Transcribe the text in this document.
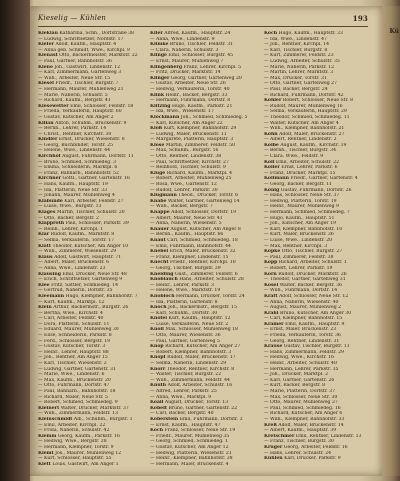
Kieselig — Kühlen	193
Kieklau Katharina, Schn., Dorfstraße 38
— Ludwig, Schriftsetzer, Nordstr. 17
Kiefer Adolf, Kaufm., Hauptstr. 4
— Anna geb. Schmidt, Wwe., Kirchpl. 9
Kienast Otto, Bäckermeister, Marktstr. 22
— Paul, Gärtner, Bahnhofstr. 36
Kiene Joh., Gastwirt, Lindenstr. 12
— Karl, Zimmermann, Gartenweg 3
— Wilh., Arbeiter, Neue Str. 15
Kiesel Friedr., Tischler, Burgstr. 7
— Hermann, Maurer, Mühlenweg 21
— Marie, Näherin, Schulstr. 5
— Richard, Kaufm., Bergstr. 41
Kiesewetter Emil, Schlosser, Feldstr. 18
— Frieda, Verkäuferin, Hauptstr. 60
— Gustav, Kutscher, Am Anger 2
Kilian Anton, Schuhm., Brückenstr. 9
— Bernh., Lehrer, Parkstr. 14
— Christ., Rentner, Kirchstr. 30
Kindler Ernst, Drucker, Wiesenstr. 8
— Georg, Buchbinder, Torstr. 25
— Helene, Wwe., Lindenstr. 44
Kirchhof August, Fuhrmann, Dorfstr. 11
— Bruno, Schmied, Schmiedeg. 3
— Emma, Schneiderin, Marktpl. 6
— Franz, Bahnarb., Bahnhofstr. 52
Kirchner Gottl., Gärtner, Gartenstr. 16
— Hans, Kaufm., Hauptstr. 19
— Ida, Plätterin, Neue Str. 33
— Johann, Maurer, Mühlenweg 4
Klabunde Karl, Arbeiter, Feldstr. 27
— Luise, Wwe., Burgstr. 13
Klages Martin, Tischler, Schulstr. 20
— Otto, Bäcker, Bergstr. 2
Klapproth Paul, Schlosser, Parkstr. 39
— Reinh., Lehrer, Kirchpl. 1
Klar Rudolf, Kaufm., Marktstr. 8
— Selma, Verkäuferin, Torstr. 17
Klatt Theodor, Kutscher, Am Anger 10
— Wilh., Zimmerer, Wiesenstr. 29
Klaus Adolf, Gastwirt, Hauptstr. 71
— Albert, Maler, Brückenstr. 6
— Anna, Wwe., Lindenstr. 23
Klausing Emil, Drucker, Neue Str. 48
— Erich, Schriftsetzer, Gartenweg 9
Klee Fritz, Sattler, Schmiedeg. 14
— Gertrud, Näherin, Dorfstr. 35
Kleemann Hugo, Klempner, Bahnhofstr. 7
— Kurt, Kaufm., Marktpl. 12
Klein Arthur, Bäckermstr., Burgstr. 26
— Bertha, Wwe., Kirchstr. 4
— Carl, Arbeiter, Feldstr. 40
— Dora, Plätterin, Schulstr. 11
— Eduard, Maurer, Mühlenweg 30
— Elise, Schneiderin, Parkstr. 8
— Ferd., Schlosser, Bergstr. 19
— Gustav, Kutscher, Torstr. 3
— Heinr., Lehrer, Hauptstr. 88
— Joh., Rentner, Am Anger 15
— Karl, Tischler, Wiesenstr. 2
— Ludwig, Gärtner, Gartenstr. 31
— Marie, Wwe., Lindenstr. 6
— Max, Kaufm., Brückenstr. 20
— Otto, Fuhrmann, Dorfstr. 47
— Paul, Bahnarb., Bahnhofstr. 18
— Richard, Maler, Neue Str. 5
— Robert, Schmied, Schmiedeg. 9
Kleinert Walter, Drucker, Marktstr. 37
— Wilh., Zimmermann, Feldstr. 13
Kleinschmidt Alb., Schuhm., Burgstr. 1
— Emil, Arbeiter, Kirchpl. 22
— Frida, Näherin, Schulstr. 42
Klemm Georg, Kaufm., Parkstr. 16
— Hedwig, Wwe., Bergstr. 28
— Hermann, Klempner, Torstr. 9
Klemt Jos., Maurer, Mühlenweg 12
— Kurt, Schlosser, Hauptstr. 55
Klett Louis, Gastwirt, Am Anger 1
Klier Alfred, Kaufm., Hauptstr. 24
— Anna, Wwe., Lindenstr. 9
Klimke Bruno, Tischler, Feldstr. 31
— Clara, Näherin, Schulstr. 3
Klinge Emil, Schlosser, Burgstr. 45
— Ernst, Maurer, Mühlenweg 7
Klingenberg Franz, Lehrer, Kirchpl. 5
— Fritz, Drucker, Marktstr. 14
Klinger Georg, Gärtner, Gartenweg 20
— Gustav, Arbeiter, Neue Str. 26
— Hedwig, Verkäuferin, Torstr. 40
Klink Heinr., Bäcker, Bergstr. 33
— Hermann, Fuhrmann, Dorfstr. 8
Klitzing Hugo, Kaufm., Parkstr. 21
— Ida, Wwe., Wiesenstr. 17
Klockmann Joh., Schmied, Schmiedeg. 5
— Karl, Kutscher, Am Anger 22
Kloß Kurt, Klempner, Bahnhofstr. 29
— Ludwig, Maler, Brückenstr. 11
— Margarete, Plätterin, Hauptstr. 3
Klose Martin, Zimmerer, Feldstr. 50
— Max, Schuhm., Burgstr. 16
— Otto, Rentner, Lindenstr. 38
— Paul, Schriftsetzer, Kirchstr. 27
— Reinhold, Tischler, Schulstr. 9
Kluge Richard, Kaufm., Marktpl. 4
— Robert, Arbeiter, Mühlenweg 25
— Rosa, Wwe., Gartenstr. 12
— Rudolf, Lehrer, Parkstr. 30
Klugmann Theod., Drucker, Torstr. 6
Knabe Walter, Gärtner, Gartenweg 14
— Wilh., Bäcker, Bergstr. 7
Knappe Adolf, Schlosser, Dorfstr. 19
— Albert, Maurer, Neue Str. 41
— Anna, Näherin, Wiesenstr. 5
Knauer August, Kutscher, Am Anger 8
— Bernh., Kaufm., Hauptstr. 66
Knaut Carl, Schmied, Schmiedeg. 18
— Emil, Fuhrmann, Bahnhofstr. 44
Knebel Erich, Maler, Brückenstr. 32
— Franz, Klempner, Lindenstr. 15
Knecht Friedr., Rentner, Kirchpl. 10
— Georg, Tischler, Burgstr. 39
Kneiding Gust., Zimmerer, Feldstr. 6
Knoblauch Hans, Arbeiter, Schulstr. 28
— Heinr., Lehrer, Parkstr. 3
— Helene, Wwe., Marktstr. 19
Knobloch Hermann, Drucker, Torstr. 24
— Ida, Plätterin, Gartenstr. 8
Knoch Joh., Bäckermstr., Bergstr. 15
— Karl, Schuhm., Dorfstr. 30
Knöfel Kurt, Kaufm., Hauptstr. 12
— Luise, Verkäuferin, Neue Str. 2
Knoll Max, Schlosser, Mühlenweg 18
— Otto, Maurer, Wiesenstr. 36
— Paul, Gärtner, Gartenweg 5
Knop Richard, Kutscher, Am Anger 27
— Robert, Klempner, Bahnhofstr. 3
Knopf Rudolf, Maler, Brückenstr. 17
— Selma, Näherin, Lindenstr. 29
Knorr Theodor, Rentner, Kirchstr. 8
— Walter, Tischler, Burgstr. 22
— Wilh., Zimmermann, Feldstr. 44
Knuth Adolf, Arbeiter, Schulstr. 16
— Alfred, Lehrer, Parkstr. 25
— Anna, Wwe., Marktpl. 9
Koall August, Drucker, Torstr. 13
Kobelt Bruno, Gärtner, Gartenstr. 22
— Carl, Bäcker, Bergstr. 40
Koberstein Emil, Fuhrmann, Dorfstr. 3
— Ernst, Kaufm., Hauptstr. 47
Koch Franz, Schlosser, Neue Str. 19
— Friedr., Maurer, Mühlenweg 35
— Georg, Schmied, Schmiedeg. 1
— Gustav, Kutscher, Am Anger 12
— Hedwig, Plätterin, Wiesenstr. 21
— Heinr., Klempner, Bahnhofstr. 38
— Hermann, Maler, Brückenstr. 4
Koch Hugo, Kaufm., Hauptstr. 33
— Ida, Wwe., Lindenstr. 47
— Joh., Rentner, Kirchpl. 14
— Karl, Tischler, Burgstr. 8
— Kurt, Zimmerer, Feldstr. 23
— Ludwig, Arbeiter, Schulstr. 35
— Marie, Näherin, Parkstr. 12
— Martin, Lehrer, Marktstr. 3
— Max, Drucker, Torstr. 31
— Otto, Gärtner, Gartenweg 27
— Paul, Bäcker, Bergstr. 24
— Richard, Fuhrmann, Dorfstr. 42
Köhler Robert, Schlosser, Neue Str. 8
— Rudolf, Maurer, Mühlenweg 16
— Selma, Verkäuferin, Hauptstr. 29
— Theodor, Schmied, Schmiedeg. 11
— Walter, Kutscher, Am Anger 4
— Wilh., Klempner, Bahnhofstr. 21
Köhn Adolf, Maler, Brückenstr. 27
— Albert, Rentner, Lindenstr. 2
Kolbe August, Kaufm., Kirchstr. 19
— Bernh., Tischler, Burgstr. 34
— Clara, Wwe., Feldstr. 9
Koll Emil, Arbeiter, Schulstr. 22
Koller Ernst, Lehrer, Parkstr. 6
— Franz, Drucker, Marktpl. 15
Kollmann Friedr., Gärtner, Gartenstr. 4
— Georg, Bäcker, Bergstr. 11
König Gustav, Fuhrmann, Dorfstr. 26
— Hans, Schlosser, Neue Str. 37
— Hedwig, Plätterin, Torstr. 19
— Heinr., Maurer, Mühlenweg 9
— Hermann, Schmied, Schmiedeg. 7
— Hugo, Kaufm., Hauptstr. 51
— Joh., Kutscher, Am Anger 19
— Karl, Klempner, Bahnhofstr. 10
— Kurt, Maler, Brückenstr. 36
— Luise, Wwe., Lindenstr. 20
— Max, Rentner, Kirchpl. 3
Köpke Otto, Tischler, Burgstr. 27
— Paul, Zimmerer, Feldstr. 38
Kopp Richard, Arbeiter, Schulstr. 1
— Robert, Lehrer, Parkstr. 19
Korn Rudolf, Drucker, Marktstr. 26
— Theodor, Gärtner, Gartenweg 31
Kosel Walter, Bäcker, Bergstr. 36
— Wilh., Fuhrmann, Dorfstr. 14
Kraft Adolf, Schlosser, Neue Str. 12
— Anna, Näherin, Wiesenstr. 40
— August, Maurer, Mühlenweg 2
Krahl Bruno, Kutscher, Am Anger 30
— Carl, Klempner, Bahnhofstr. 15
Kramer Emil, Kaufm., Hauptstr. 9
— Ernst, Maler, Brückenstr. 23
— Frieda, Verkäuferin, Torstr. 36
— Georg, Rentner, Lindenstr. 31
Krause Gustav, Tischler, Burgstr. 11
— Hans, Zimmermann, Feldstr. 29
— Hedwig, Wwe., Kirchstr. 16
— Heinr., Arbeiter, Schulstr. 40
— Hermann, Lehrer, Parkstr. 35
— Joh., Drucker, Marktpl. 2
— Karl, Gärtner, Gartenstr. 26
— Kurt, Bäcker, Bergstr. 8
— Marie, Plätterin, Dorfstr. 37
— Max, Schlosser, Neue Str. 30
— Otto, Maurer, Mühlenweg 27
— Paul, Schmied, Schmiedeg. 16
— Richard, Kutscher, Am Anger 6
— Wilh., Klempner, Bahnhofstr. 33
Kreß Adolf, Maler, Brückenstr. 14
— Albert, Kaufm., Hauptstr. 39
Kretschmer Emil, Rentner, Lindenstr. 13
— Franz, Tischler, Burgstr. 30
Krüger Georg, Arbeiter, Feldstr. 16
— Hans, Lehrer, Schulstr. 24
Kühlen Karl, Drucker, Parkstr. 9
Kü
